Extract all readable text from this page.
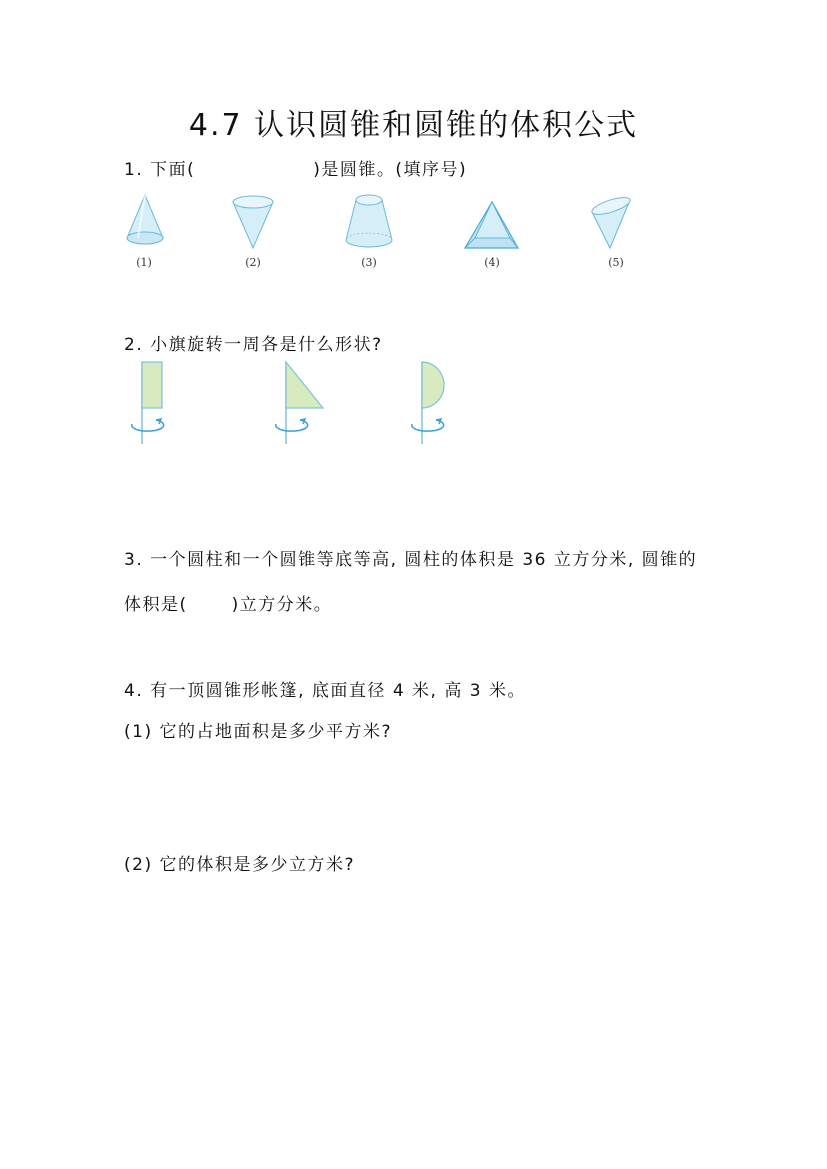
4.7 认识圆锥和圆锥的体积公式
1. 下面(	)是圆锥。(填序号)
(1)	(2)	(3)	(4)	(5)
2. 小旗旋转一周各是什么形状?
3. 一个圆柱和一个圆锥等底等高, 圆柱的体积是 36 立方分米, 圆锥的
体积是(	)立方分米。
4. 有一顶圆锥形帐篷, 底面直径 4 米, 高 3 米。
(1) 它的占地面积是多少平方米?
(2) 它的体积是多少立方米?
